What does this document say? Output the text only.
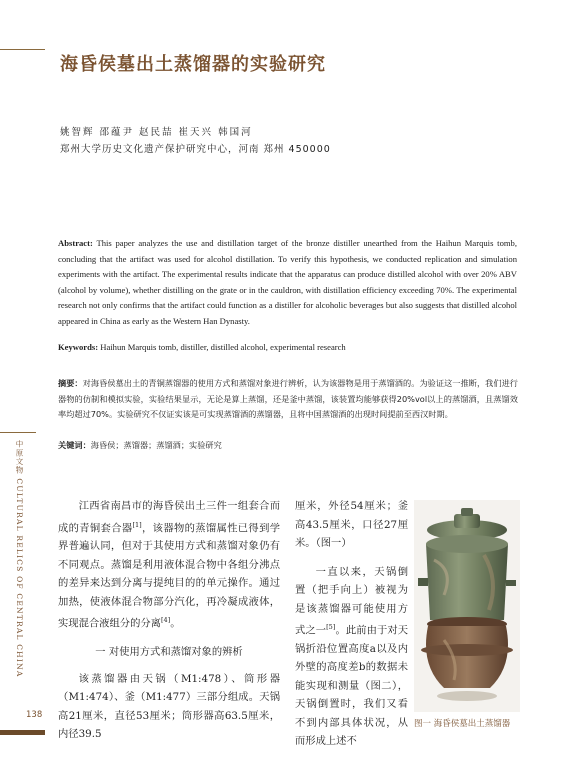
海昏侯墓出土蒸馏器的实验研究
姚智辉 邵蕴尹 赵民喆 崔天兴 韩国河
郑州大学历史文化遗产保护研究中心，河南 郑州 450000
Abstract: This paper analyzes the use and distillation target of the bronze distiller unearthed from the Haihun Marquis tomb, concluding that the artifact was used for alcohol distillation. To verify this hypothesis, we conducted replication and simulation experiments with the artifact. The experimental results indicate that the apparatus can produce distilled alcohol with over 20% ABV (alcohol by volume), whether distilling on the grate or in the cauldron, with distillation efficiency exceeding 70%. The experimental research not only confirms that the artifact could function as a distiller for alcoholic beverages but also suggests that distilled alcohol appeared in China as early as the Western Han Dynasty.
Keywords: Haihun Marquis tomb, distiller, distilled alcohol, experimental research
摘要：对海昏侯墓出土的青铜蒸馏器的使用方式和蒸馏对象进行辨析，认为该器物是用于蒸馏酒的。为验证这一推断，我们进行器物的仿制和模拟实验，实验结果显示，无论是算上蒸馏，还是釜中蒸馏，该装置均能够获得20%vol以上的蒸馏酒，且蒸馏效率均超过70%。实验研究不仅证实该是可实现蒸馏酒的蒸馏器，且将中国蒸馏酒的出现时间提前至西汉时期。
关键词：海昏侯；蒸馏器；蒸馏酒；实验研究
中原文物 CULTURAL RELICS OF CENTRAL CHINA	江西省南昌市的海昏侯出土三件一组套合而成的青铜套合器[1]，该器物的蒸馏属性已得到学界普遍认同，但对于其使用方式和蒸馏对象仍有不同观点。蒸馏是利用液体混合物中各组分沸点的差异来达到分离与提纯目的的单元操作。通过加热，使液体混合物部分汽化，再冷凝成液体，实现混合液组分的分离[4]。

一 对使用方式和蒸馏对象的辨析

该蒸馏器由天锅（M1:478）、筒形器（M1:474）、釜（M1:477）三部分组成。天锅高21厘米，直径53厘米；筒形器高63.5厘米，内径39.5

厘米，外径54厘米；釜高43.5厘米，口径27厘米。（图一）

一直以来，天锅倒置（把手向上）被视为是该蒸馏器可能使用方式之一[5]。此前由于对天锅折沿位置高度a以及内外壁的高度差b的数据未能实现和测量（图二），天锅倒置时，我们又看不到内部具体状况，从而形成上述不

图一 海昏侯墓出土蒸馏器
138
